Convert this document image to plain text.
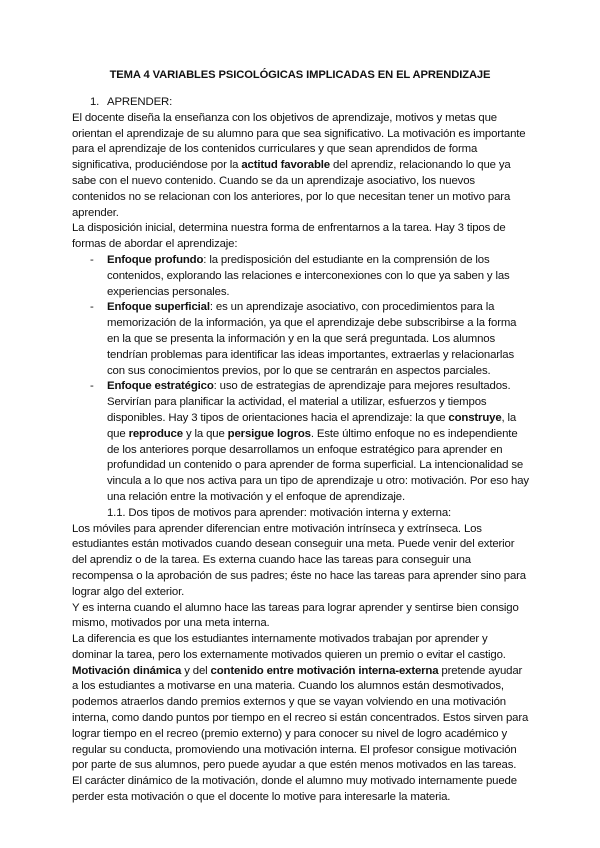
TEMA 4 VARIABLES PSICOLÓGICAS IMPLICADAS EN EL APRENDIZAJE

1. APRENDER:

El docente diseña la enseñanza con los objetivos de aprendizaje, motivos y metas que orientan el aprendizaje de su alumno para que sea significativo. La motivación es importante para el aprendizaje de los contenidos curriculares y que sean aprendidos de forma significativa, produciéndose por la actitud favorable del aprendiz, relacionando lo que ya sabe con el nuevo contenido. Cuando se da un aprendizaje asociativo, los nuevos contenidos no se relacionan con los anteriores, por lo que necesitan tener un motivo para aprender.

La disposición inicial, determina nuestra forma de enfrentarnos a la tarea. Hay 3 tipos de formas de abordar el aprendizaje:

- Enfoque profundo: la predisposición del estudiante en la comprensión de los contenidos, explorando las relaciones e interconexiones con lo que ya saben y las experiencias personales.
- Enfoque superficial: es un aprendizaje asociativo, con procedimientos para la memorización de la información, ya que el aprendizaje debe subscribirse a la forma en la que se presenta la información y en la que será preguntada. Los alumnos tendrían problemas para identificar las ideas importantes, extraerlas y relacionarlas con sus conocimientos previos, por lo que se centrarán en aspectos parciales.
- Enfoque estratégico: uso de estrategias de aprendizaje para mejores resultados. Servirían para planificar la actividad, el material a utilizar, esfuerzos y tiempos disponibles. Hay 3 tipos de orientaciones hacia el aprendizaje: la que construye, la que reproduce y la que persigue logros. Este último enfoque no es independiente de los anteriores porque desarrollamos un enfoque estratégico para aprender en profundidad un contenido o para aprender de forma superficial. La intencionalidad se vincula a lo que nos activa para un tipo de aprendizaje u otro: motivación. Por eso hay una relación entre la motivación y el enfoque de aprendizaje.

1.1. Dos tipos de motivos para aprender: motivación interna y externa:

Los móviles para aprender diferencian entre motivación intrínseca y extrínseca. Los estudiantes están motivados cuando desean conseguir una meta. Puede venir del exterior del aprendiz o de la tarea. Es externa cuando hace las tareas para conseguir una recompensa o la aprobación de sus padres; éste no hace las tareas para aprender sino para lograr algo del exterior.

Y es interna cuando el alumno hace las tareas para lograr aprender y sentirse bien consigo mismo, motivados por una meta interna.

La diferencia es que los estudiantes internamente motivados trabajan por aprender y dominar la tarea, pero los externamente motivados quieren un premio o evitar el castigo.

Motivación dinámica y del contenido entre motivación interna-externa pretende ayudar a los estudiantes a motivarse en una materia. Cuando los alumnos están desmotivados, podemos atraerlos dando premios externos y que se vayan volviendo en una motivación interna, como dando puntos por tiempo en el recreo si están concentrados. Estos sirven para lograr tiempo en el recreo (premio externo) y para conocer su nivel de logro académico y regular su conducta, promoviendo una motivación interna. El profesor consigue motivación por parte de sus alumnos, pero puede ayudar a que estén menos motivados en las tareas.

El carácter dinámico de la motivación, donde el alumno muy motivado internamente puede perder esta motivación o que el docente lo motive para interesarle la materia.
